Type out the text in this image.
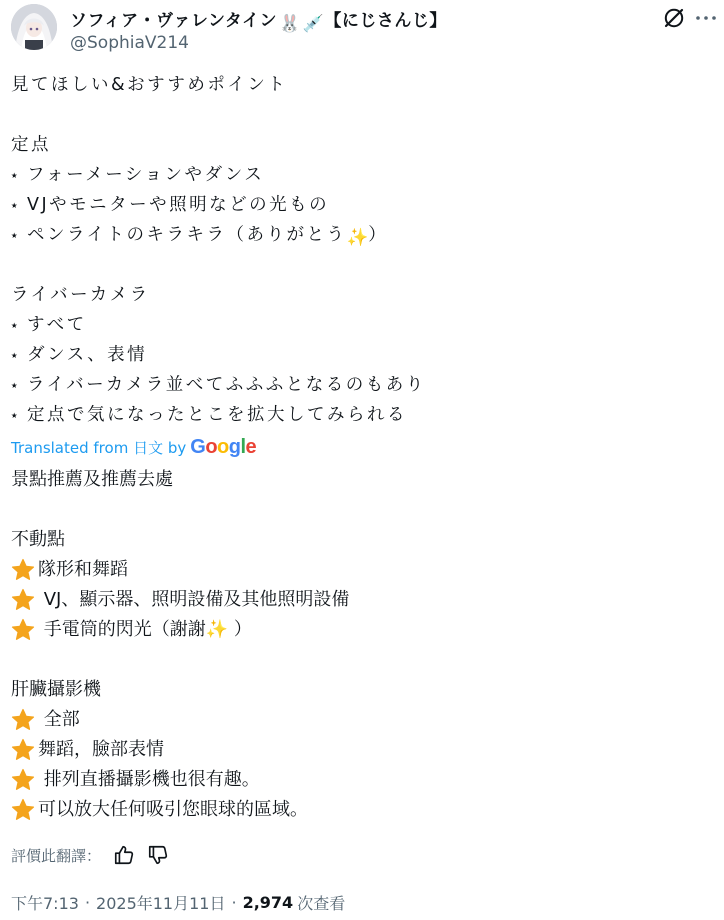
ソフィア・ヴァレンタイン 🐰 💉【にじさんじ】
@SophiaV214
見てほしい&おすすめポイント
定点
⭑ フォーメーションやダンス
⭑ VJやモニターや照明などの光もの
⭑ ペンライトのキラキラ（ありがとう✨）
ライバーカメラ
⭑ すべて
⭑ ダンス、表情
⭑ ライバーカメラ並べてふふふとなるのもあり
⭑ 定点で気になったとこを拡大してみられる
Translated from 日文 by Google
景點推薦及推薦去處
不動點
隊形和舞蹈
VJ、顯示器、照明設備及其他照明設備
手電筒的閃光（謝謝 ✨ ）
肝臟攝影機
全部
舞蹈，臉部表情
排列直播攝影機也很有趣。
可以放大任何吸引您眼球的區域。
評價此翻譯：
下午7:13 · 2025年11月11日 · 2,974 次查看
